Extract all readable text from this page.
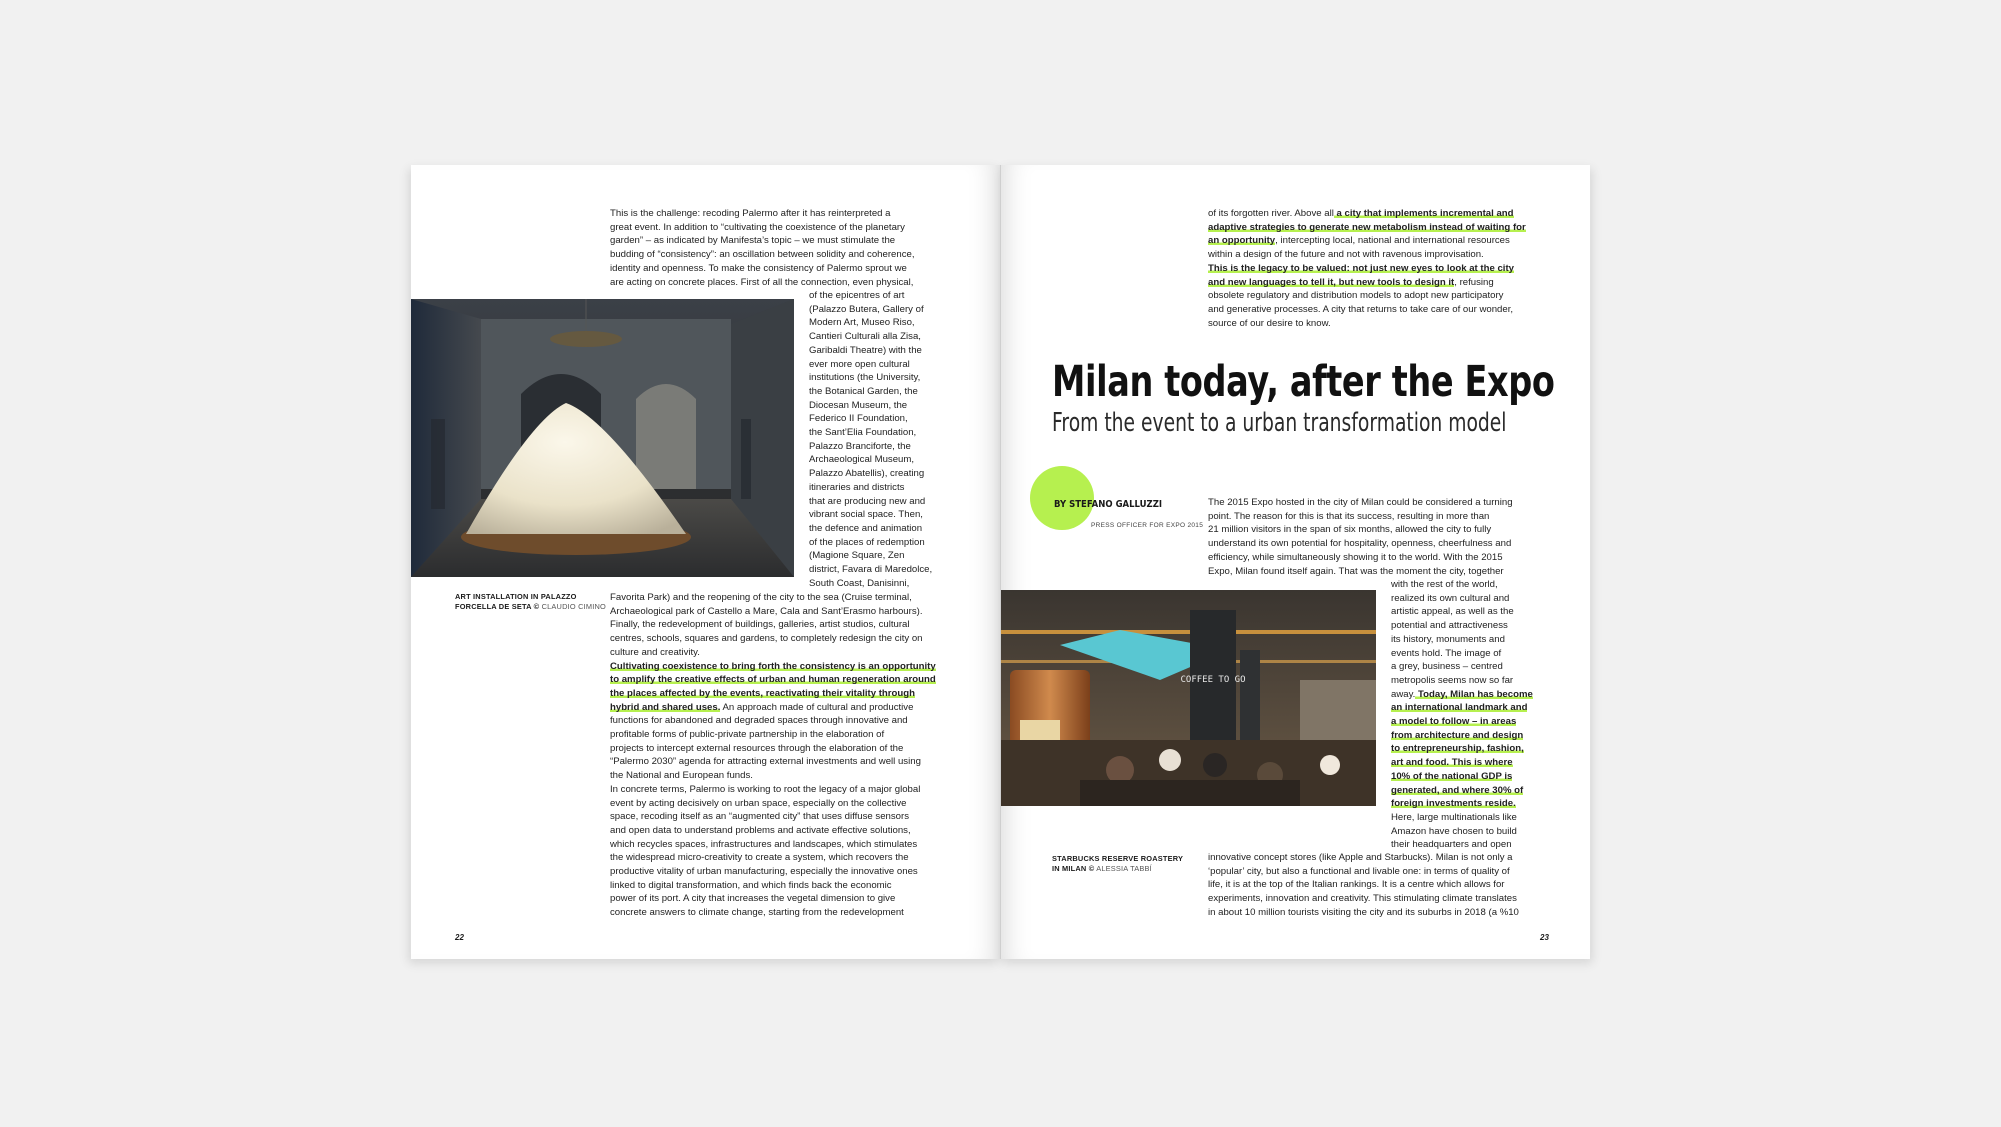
This is the challenge: recoding Palermo after it has reinterpreted a
great event. In addition to “cultivating the coexistence of the planetary
garden” – as indicated by Manifesta’s topic – we must stimulate the
budding of “consistency”: an oscillation between solidity and coherence,
identity and openness. To make the consistency of Palermo sprout we
are acting on concrete places. First of all the connection, even physical,

of the epicentres of art
(Palazzo Butera, Gallery of
Modern Art, Museo Riso,
Cantieri Culturali alla Zisa,
Garibaldi Theatre) with the
ever more open cultural
institutions (the University,
the Botanical Garden, the
Diocesan Museum, the
Federico II Foundation,
the Sant’Elia Foundation,
Palazzo Branciforte, the
Archaeological Museum,
Palazzo Abatellis), creating
itineraries and districts
that are producing new and
vibrant social space. Then,
the defence and animation
of the places of redemption
(Magione Square, Zen
district, Favara di Maredolce,
South Coast, Danisinni,

ART INSTALLATION IN PALAZZO
FORCELLA DE SETA © CLAUDIO CIMINO
Favorita Park) and the reopening of the city to the sea (Cruise terminal,
Archaeological park of Castello a Mare, Cala and Sant’Erasmo harbours).
Finally, the redevelopment of buildings, galleries, artist studios, cultural
centres, schools, squares and gardens, to completely redesign the city on
culture and creativity.

Cultivating coexistence to bring forth the consistency is an opportunity
to amplify the creative effects of urban and human regeneration around
the places affected by the events, reactivating their vitality through
hybrid and shared uses. An approach made of cultural and productive
functions for abandoned and degraded spaces through innovative and
profitable forms of public-private partnership in the elaboration of
projects to intercept external resources through the elaboration of the
“Palermo 2030” agenda for attracting external investments and well using
the National and European funds.

In concrete terms, Palermo is working to root the legacy of a major global
event by acting decisively on urban space, especially on the collective
space, recoding itself as an “augmented city” that uses diffuse sensors
and open data to understand problems and activate effective solutions,
which recycles spaces, infrastructures and landscapes, which stimulates
the widespread micro-creativity to create a system, which recovers the
productive vitality of urban manufacturing, especially the innovative ones
linked to digital transformation, and which finds back the economic
power of its port. A city that increases the vegetal dimension to give
concrete answers to climate change, starting from the redevelopment

22
of its forgotten river. Above all a city that implements incremental and
adaptive strategies to generate new metabolism instead of waiting for
an opportunity, intercepting local, national and international resources
within a design of the future and not with ravenous improvisation.
This is the legacy to be valued: not just new eyes to look at the city
and new languages to tell it, but new tools to design it, refusing
obsolete regulatory and distribution models to adopt new participatory
and generative processes. A city that returns to take care of our wonder,
source of our desire to know.

Milan today, after the Expo
From the event to a urban transformation model
BY STEFANO GALLUZZI
PRESS OFFICER FOR EXPO 2015
The 2015 Expo hosted in the city of Milan could be considered a turning
point. The reason for this is that its success, resulting in more than
21 million visitors in the span of six months, allowed the city to fully
understand its own potential for hospitality, openness, cheerfulness and
efficiency, while simultaneously showing it to the world. With the 2015
Expo, Milan found itself again. That was the moment the city, together

COFFEE TO GO
STARBUCKS RESERVE ROASTERY
IN MILAN © ALESSIA TABBÍ
with the rest of the world,
realized its own cultural and
artistic appeal, as well as the
potential and attractiveness
its history, monuments and
events hold. The image of
a grey, business – centred
metropolis seems now so far

away. Today, Milan has become
an international landmark and
a model to follow – in areas
from architecture and design
to entrepreneurship, fashion,
art and food. This is where
10% of the national GDP is
generated, and where 30% of
foreign investments reside.

Here, large multinationals like
Amazon have chosen to build
their headquarters and open

innovative concept stores (like Apple and Starbucks). Milan is not only a
‘popular’ city, but also a functional and livable one: in terms of quality of
life, it is at the top of the Italian rankings. It is a centre which allows for
experiments, innovation and creativity. This stimulating climate translates
in about 10 million tourists visiting the city and its suburbs in 2018 (a %10

23
